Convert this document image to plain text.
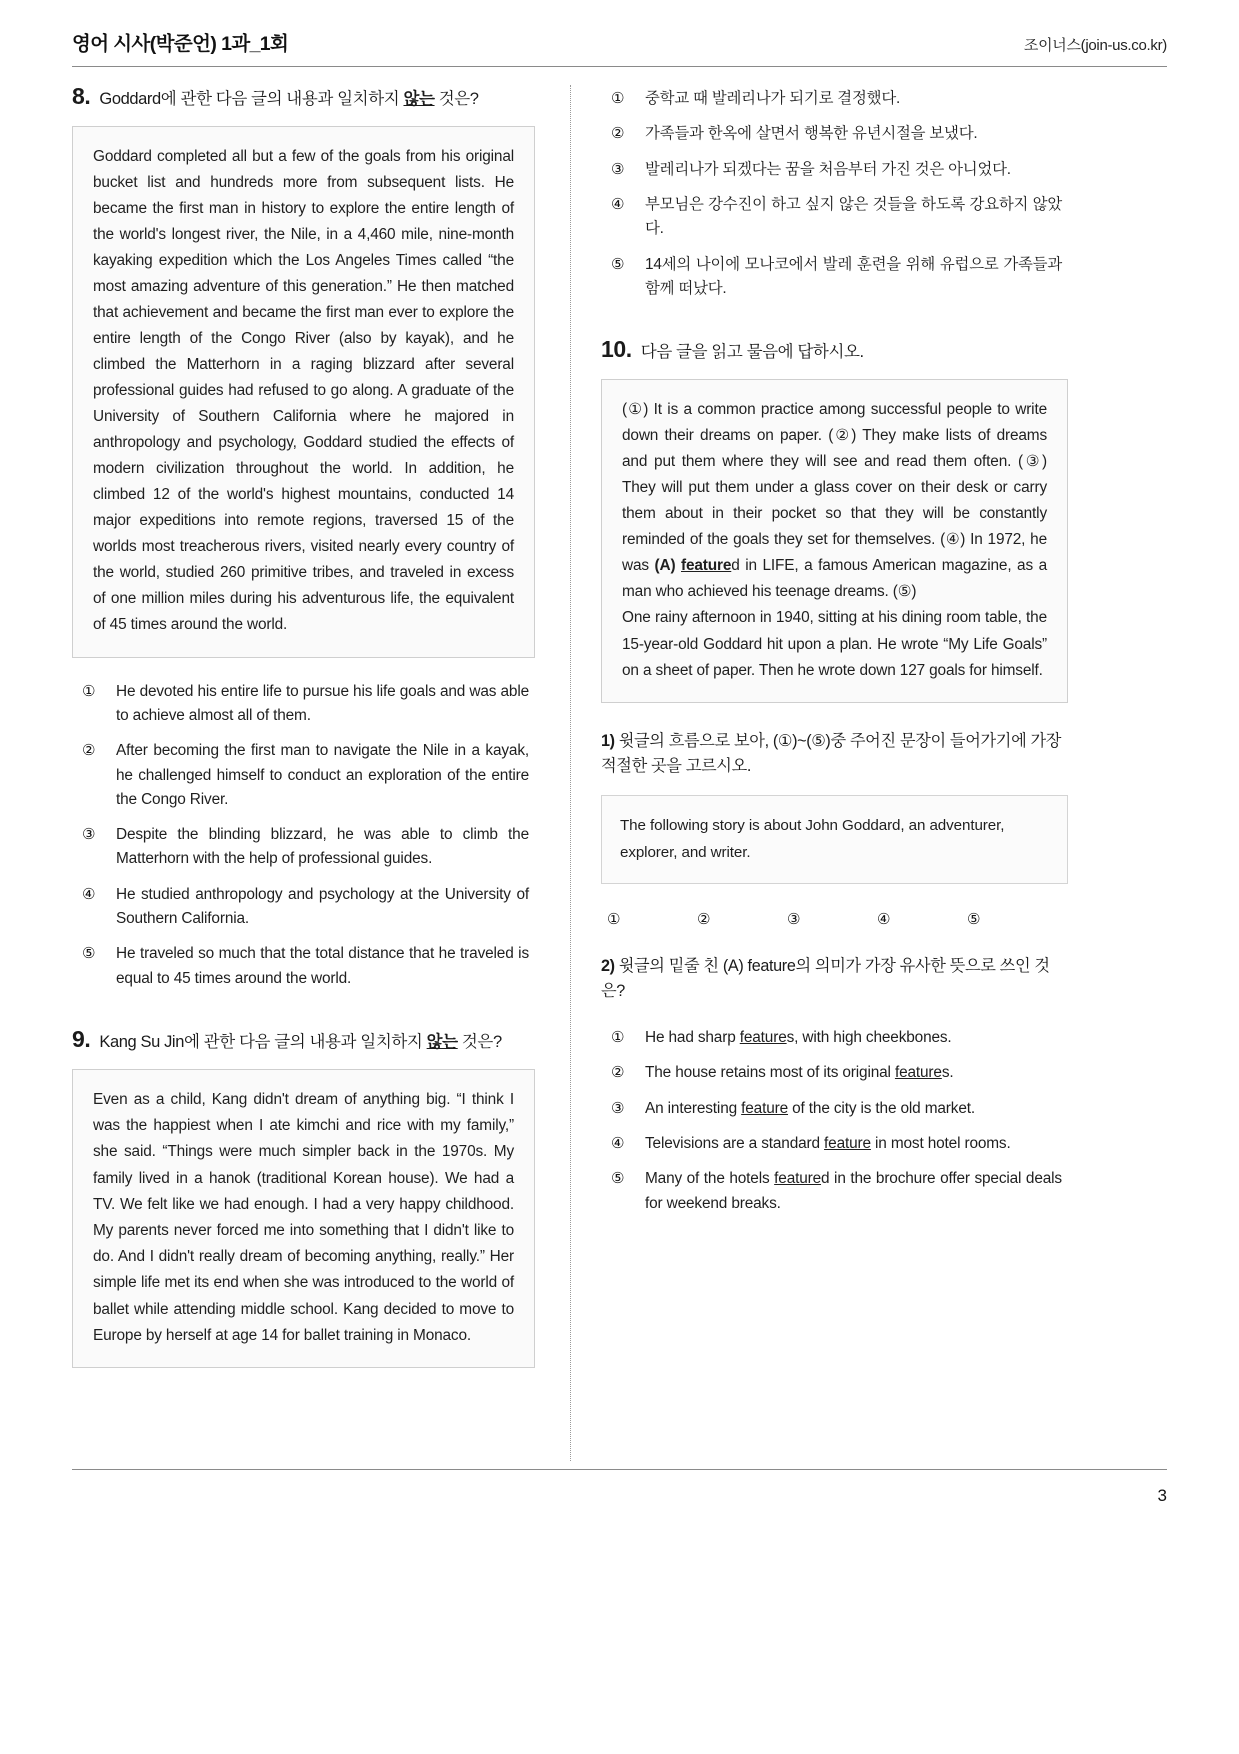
영어 시사(박준언) 1과_1회	조이너스(join-us.co.kr)
8. Goddard에 관한 다음 글의 내용과 일치하지 않는 것은?
Goddard completed all but a few of the goals from his original bucket list and hundreds more from subsequent lists. He became the first man in history to explore the entire length of the world's longest river, the Nile, in a 4,460 mile, nine-month kayaking expedition which the Los Angeles Times called “the most amazing adventure of this generation.” He then matched that achievement and became the first man ever to explore the entire length of the Congo River (also by kayak), and he climbed the Matterhorn in a raging blizzard after several professional guides had refused to go along. A graduate of the University of Southern California where he majored in anthropology and psychology, Goddard studied the effects of modern civilization throughout the world. In addition, he climbed 12 of the world's highest mountains, conducted 14 major expeditions into remote regions, traversed 15 of the worlds most treacherous rivers, visited nearly every country of the world, studied 260 primitive tribes, and traveled in excess of one million miles during his adventurous life, the equivalent of 45 times around the world.
①	He devoted his entire life to pursue his life goals and was able to achieve almost all of them.
②	After becoming the first man to navigate the Nile in a kayak, he challenged himself to conduct an exploration of the entire the Congo River.
③	Despite the blinding blizzard, he was able to climb the Matterhorn with the help of professional guides.
④	He studied anthropology and psychology at the University of Southern California.
⑤	He traveled so much that the total distance that he traveled is equal to 45 times around the world.
9. Kang Su Jin에 관한 다음 글의 내용과 일치하지 않는 것은?
Even as a child, Kang didn't dream of anything big. “I think I was the happiest when I ate kimchi and rice with my family,” she said. “Things were much simpler back in the 1970s. My family lived in a hanok (traditional Korean house). We had a TV. We felt like we had enough. I had a very happy childhood. My parents never forced me into something that I didn't like to do. And I didn't really dream of becoming anything, really.” Her simple life met its end when she was introduced to the world of ballet while attending middle school. Kang decided to move to Europe by herself at age 14 for ballet training in Monaco.
①	중학교 때 발레리나가 되기로 결정했다.
②	가족들과 한옥에 살면서 행복한 유년시절을 보냈다.
③	발레리나가 되겠다는 꿈을 처음부터 가진 것은 아니었다.
④	부모님은 강수진이 하고 싶지 않은 것들을 하도록 강요하지 않았다.
⑤	14세의 나이에 모나코에서 발레 훈련을 위해 유럽으로 가족들과 함께 떠났다.
10. 다음 글을 읽고 물음에 답하시오.
(①) It is a common practice among successful people to write down their dreams on paper. (②) They make lists of dreams and put them where they will see and read them often. (③) They will put them under a glass cover on their desk or carry them about in their pocket so that they will be constantly reminded of the goals they set for themselves. (④) In 1972, he was (A) featured in LIFE, a famous American magazine, as a man who achieved his teenage dreams. (⑤)
One rainy afternoon in 1940, sitting at his dining room table, the 15-year-old Goddard hit upon a plan. He wrote “My Life Goals” on a sheet of paper. Then he wrote down 127 goals for himself.
1) 윗글의 흐름으로 보아, (①)~(⑤)중 주어진 문장이 들어가기에 가장 적절한 곳을 고르시오.
The following story is about John Goddard, an adventurer, explorer, and writer.
①	②	③	④	⑤
2) 윗글의 밑줄 친 (A) feature의 의미가 가장 유사한 뜻으로 쓰인 것은?
①	He had sharp features, with high cheekbones.
②	The house retains most of its original features.
③	An interesting feature of the city is the old market.
④	Televisions are a standard feature in most hotel rooms.
⑤	Many of the hotels featured in the brochure offer special deals for weekend breaks.
3
